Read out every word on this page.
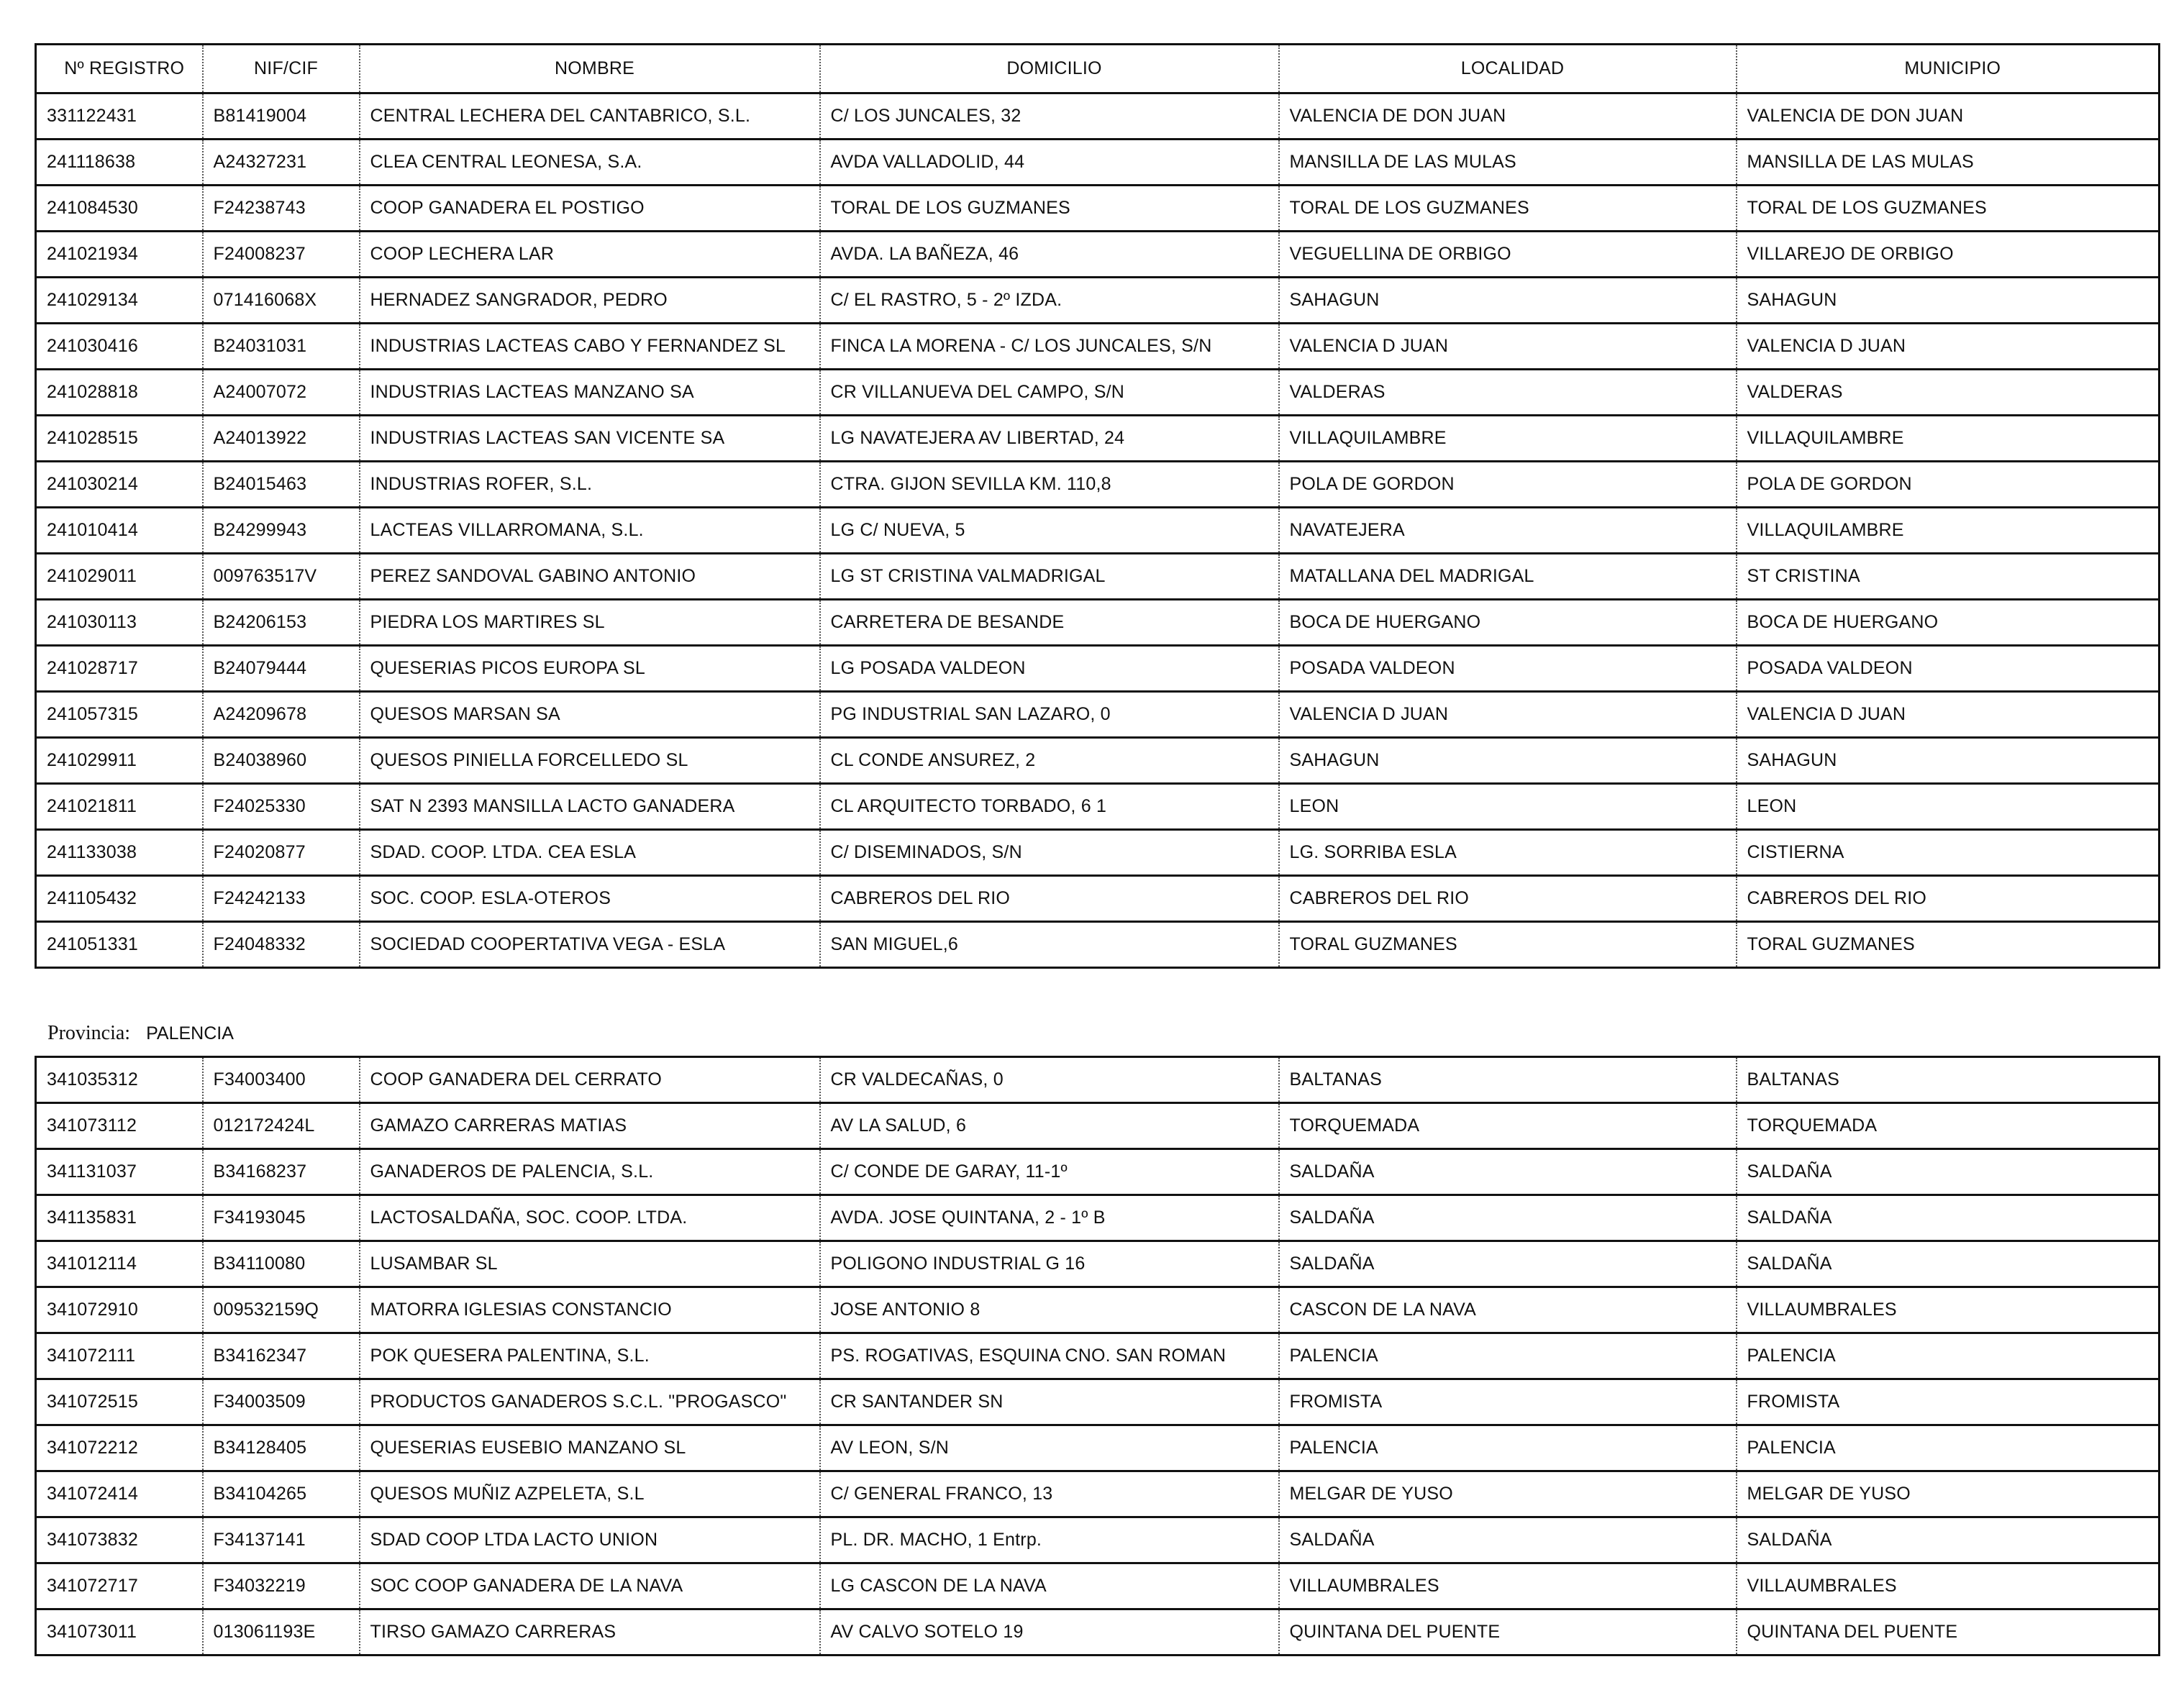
Nº REGISTRO	NIF/CIF	NOMBRE	DOMICILIO	LOCALIDAD	MUNICIPIO
331122431	B81419004	CENTRAL LECHERA DEL CANTABRICO, S.L.	C/ LOS JUNCALES, 32	VALENCIA DE DON JUAN	VALENCIA DE DON JUAN
241118638	A24327231	CLEA CENTRAL LEONESA, S.A.	AVDA VALLADOLID, 44	MANSILLA DE LAS MULAS	MANSILLA DE LAS MULAS
241084530	F24238743	COOP GANADERA EL POSTIGO	TORAL DE LOS GUZMANES	TORAL DE LOS GUZMANES	TORAL DE LOS GUZMANES
241021934	F24008237	COOP LECHERA LAR	AVDA. LA BAÑEZA, 46	VEGUELLINA DE ORBIGO	VILLAREJO DE ORBIGO
241029134	071416068X	HERNADEZ SANGRADOR, PEDRO	C/ EL RASTRO, 5 - 2º IZDA.	SAHAGUN	SAHAGUN
241030416	B24031031	INDUSTRIAS LACTEAS CABO Y FERNANDEZ SL	FINCA LA MORENA - C/ LOS JUNCALES, S/N	VALENCIA D JUAN	VALENCIA D JUAN
241028818	A24007072	INDUSTRIAS LACTEAS MANZANO SA	CR VILLANUEVA DEL CAMPO, S/N	VALDERAS	VALDERAS
241028515	A24013922	INDUSTRIAS LACTEAS SAN VICENTE SA	LG NAVATEJERA AV LIBERTAD, 24	VILLAQUILAMBRE	VILLAQUILAMBRE
241030214	B24015463	INDUSTRIAS ROFER, S.L.	CTRA. GIJON SEVILLA KM. 110,8	POLA DE GORDON	POLA DE GORDON
241010414	B24299943	LACTEAS VILLARROMANA, S.L.	LG C/ NUEVA, 5	NAVATEJERA	VILLAQUILAMBRE
241029011	009763517V	PEREZ SANDOVAL GABINO ANTONIO	LG ST CRISTINA VALMADRIGAL	MATALLANA DEL MADRIGAL	ST CRISTINA
241030113	B24206153	PIEDRA LOS MARTIRES SL	CARRETERA DE BESANDE	BOCA DE HUERGANO	BOCA DE HUERGANO
241028717	B24079444	QUESERIAS PICOS EUROPA SL	LG POSADA VALDEON	POSADA VALDEON	POSADA VALDEON
241057315	A24209678	QUESOS MARSAN SA	PG INDUSTRIAL SAN LAZARO, 0	VALENCIA D JUAN	VALENCIA D JUAN
241029911	B24038960	QUESOS PINIELLA FORCELLEDO SL	CL CONDE ANSUREZ, 2	SAHAGUN	SAHAGUN
241021811	F24025330	SAT N 2393 MANSILLA LACTO GANADERA	CL ARQUITECTO TORBADO, 6 1	LEON	LEON
241133038	F24020877	SDAD. COOP. LTDA. CEA ESLA	C/ DISEMINADOS, S/N	LG. SORRIBA ESLA	CISTIERNA
241105432	F24242133	SOC. COOP. ESLA-OTEROS	CABREROS DEL RIO	CABREROS DEL RIO	CABREROS DEL RIO
241051331	F24048332	SOCIEDAD COOPERTATIVA VEGA - ESLA	SAN MIGUEL,6	TORAL GUZMANES	TORAL GUZMANES
Provincia: PALENCIA
341035312	F34003400	COOP GANADERA DEL CERRATO	CR VALDECAÑAS, 0	BALTANAS	BALTANAS
341073112	012172424L	GAMAZO CARRERAS MATIAS	AV LA SALUD, 6	TORQUEMADA	TORQUEMADA
341131037	B34168237	GANADEROS DE PALENCIA, S.L.	C/ CONDE DE GARAY, 11-1º	SALDAÑA	SALDAÑA
341135831	F34193045	LACTOSALDAÑA, SOC. COOP. LTDA.	AVDA. JOSE QUINTANA, 2 - 1º B	SALDAÑA	SALDAÑA
341012114	B34110080	LUSAMBAR SL	POLIGONO INDUSTRIAL G 16	SALDAÑA	SALDAÑA
341072910	009532159Q	MATORRA IGLESIAS CONSTANCIO	JOSE ANTONIO 8	CASCON DE LA NAVA	VILLAUMBRALES
341072111	B34162347	POK QUESERA PALENTINA, S.L.	PS. ROGATIVAS, ESQUINA CNO. SAN ROMAN	PALENCIA	PALENCIA
341072515	F34003509	PRODUCTOS GANADEROS S.C.L. "PROGASCO"	CR SANTANDER SN	FROMISTA	FROMISTA
341072212	B34128405	QUESERIAS EUSEBIO MANZANO SL	AV LEON, S/N	PALENCIA	PALENCIA
341072414	B34104265	QUESOS MUÑIZ AZPELETA, S.L	C/ GENERAL FRANCO, 13	MELGAR DE YUSO	MELGAR DE YUSO
341073832	F34137141	SDAD COOP LTDA LACTO UNION	PL. DR. MACHO, 1 Entrp.	SALDAÑA	SALDAÑA
341072717	F34032219	SOC COOP GANADERA DE LA NAVA	LG CASCON DE LA NAVA	VILLAUMBRALES	VILLAUMBRALES
341073011	013061193E	TIRSO GAMAZO CARRERAS	AV CALVO SOTELO 19	QUINTANA DEL PUENTE	QUINTANA DEL PUENTE
